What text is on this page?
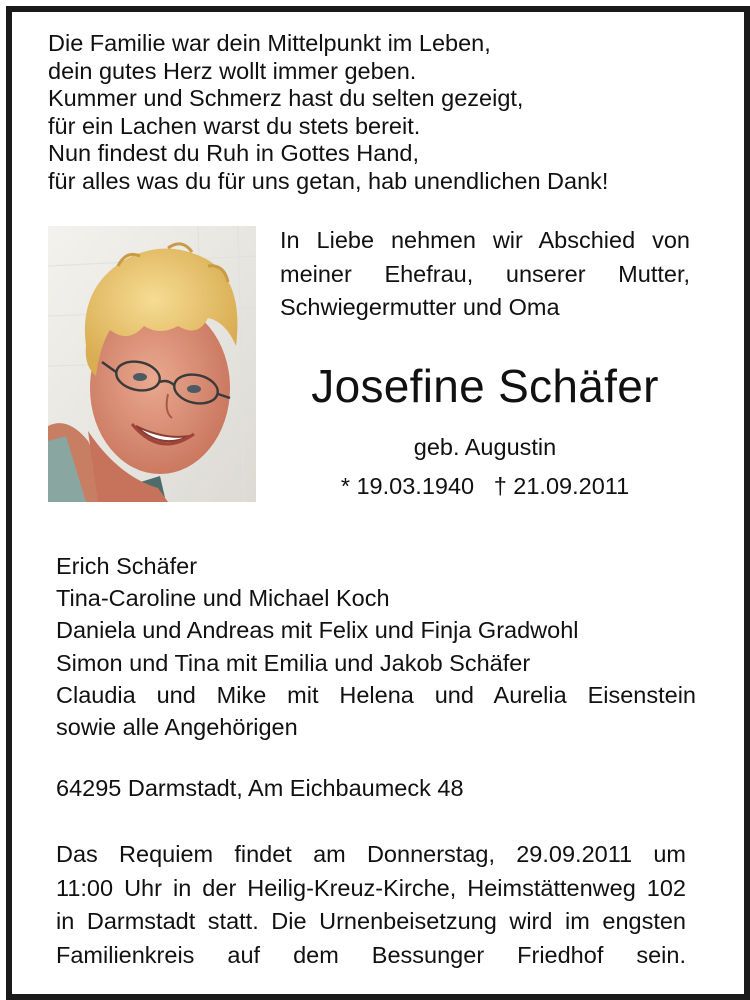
Die Familie war dein Mittelpunkt im Leben,
dein gutes Herz wollt immer geben.
Kummer und Schmerz hast du selten gezeigt,
für ein Lachen warst du stets bereit.
Nun findest du Ruh in Gottes Hand,
für alles was du für uns getan, hab unendlichen Dank!
In Liebe nehmen wir Abschied von
meiner Ehefrau, unserer Mutter,
Schwiegermutter und Oma
Josefine Schäfer
geb. Augustin
* 19.03.1940   † 21.09.2011
Erich Schäfer
Tina-Caroline und Michael Koch
Daniela und Andreas mit Felix und Finja Gradwohl
Simon und Tina mit Emilia und Jakob Schäfer
Claudia und Mike mit Helena und Aurelia Eisenstein
sowie alle Angehörigen
64295 Darmstadt, Am Eichbaumeck 48
Das Requiem findet am Donnerstag, 29.09.2011 um
11:00 Uhr in der Heilig-Kreuz-Kirche, Heimstättenweg 102
in Darmstadt statt. Die Urnenbeisetzung wird im engsten
Familienkreis auf dem Bessunger Friedhof sein.
